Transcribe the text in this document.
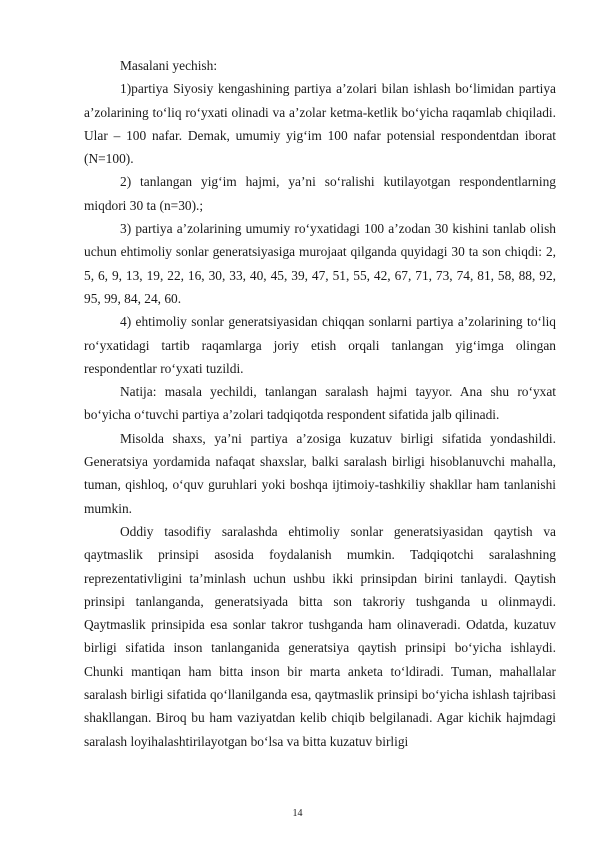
Masalani yechish:

1)partiya Siyosiy kengashining partiya a’zolari bilan ishlash bo‘limidan partiya a’zolarining to‘liq ro‘yxati olinadi va a’zolar ketma-ketlik bo‘yicha raqamlab chiqiladi. Ular – 100 nafar. Demak, umumiy yig‘im 100 nafar potensial respondentdan iborat (N=100).

2) tanlangan yig‘im hajmi, ya’ni so‘ralishi kutilayotgan respondentlarning miqdori 30 ta (n=30).;

3) partiya a’zolarining umumiy ro‘yxatidagi 100 a’zodan 30 kishini tanlab olish uchun ehtimoliy sonlar generatsiyasiga murojaat qilganda quyidagi 30 ta son chiqdi: 2, 5, 6, 9, 13, 19, 22, 16, 30, 33, 40, 45, 39, 47, 51, 55, 42, 67, 71, 73, 74, 81, 58, 88, 92, 95, 99, 84, 24, 60.

4) ehtimoliy sonlar generatsiyasidan chiqqan sonlarni partiya a’zolarining to‘liq ro‘yxatidagi tartib raqamlarga joriy etish orqali tanlangan yig‘imga olingan respondentlar ro‘yxati tuzildi.

Natija: masala yechildi, tanlangan saralash hajmi tayyor. Ana shu ro‘yxat bo‘yicha o‘tuvchi partiya a’zolari tadqiqotda respondent sifatida jalb qilinadi.

Misolda shaxs, ya’ni partiya a’zosiga kuzatuv birligi sifatida yondashildi. Generatsiya yordamida nafaqat shaxslar, balki saralash birligi hisoblanuvchi mahalla, tuman, qishloq, o‘quv guruhlari yoki boshqa ijtimoiy-tashkiliy shakllar ham tanlanishi mumkin.

Oddiy tasodifiy saralashda ehtimoliy sonlar generatsiyasidan qaytish va qaytmaslik prinsipi asosida foydalanish mumkin. Tadqiqotchi saralashning reprezentativligini ta’minlash uchun ushbu ikki prinsipdan birini tanlaydi. Qaytish prinsipi tanlanganda, generatsiyada bitta son takroriy tushganda u olinmaydi. Qaytmaslik prinsipida esa sonlar takror tushganda ham olinaveradi. Odatda, kuzatuv birligi sifatida inson tanlanganida generatsiya qaytish prinsipi bo‘yicha ishlaydi. Chunki mantiqan ham bitta inson bir marta anketa to‘ldiradi. Tuman, mahallalar saralash birligi sifatida qo‘llanilganda esa, qaytmaslik prinsipi bo‘yicha ishlash tajribasi shakllangan. Biroq bu ham vaziyatdan kelib chiqib belgilanadi. Agar kichik hajmdagi saralash loyihalashtirilayotgan bo‘lsa va bitta kuzatuv birligi

14
